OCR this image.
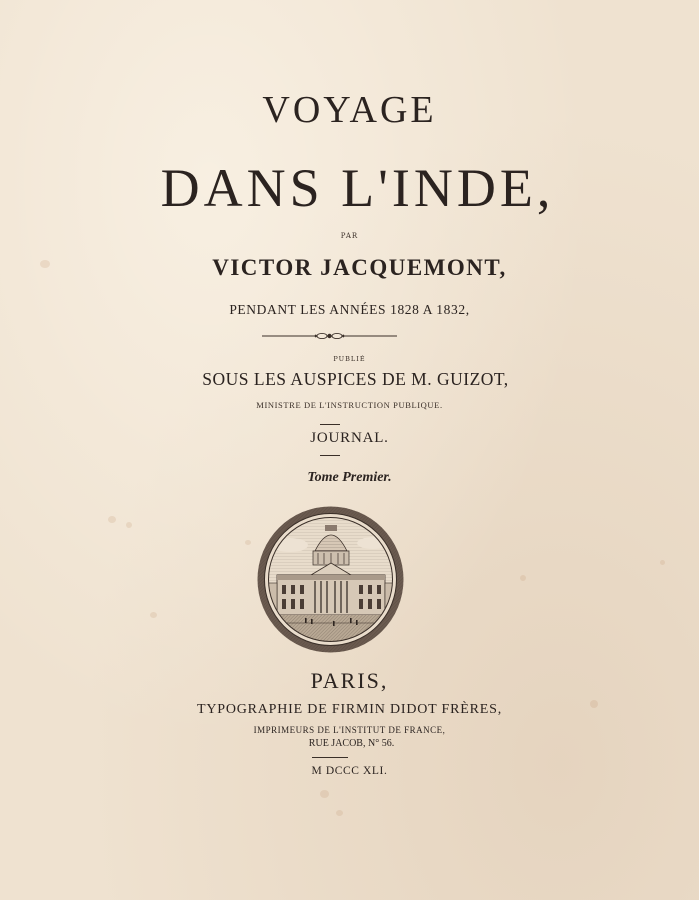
VOYAGE
DANS L'INDE,
PAR
VICTOR JACQUEMONT,
PENDANT LES ANNÉES 1828 A 1832,
PUBLIÉ
SOUS LES AUSPICES DE M. GUIZOT,
MINISTRE DE L'INSTRUCTION PUBLIQUE.
JOURNAL.
Tome Premier.
PARIS,
TYPOGRAPHIE DE FIRMIN DIDOT FRÈRES,
IMPRIMEURS DE L'INSTITUT DE FRANCE,
RUE JACOB, N° 56.
M DCCC XLI.
